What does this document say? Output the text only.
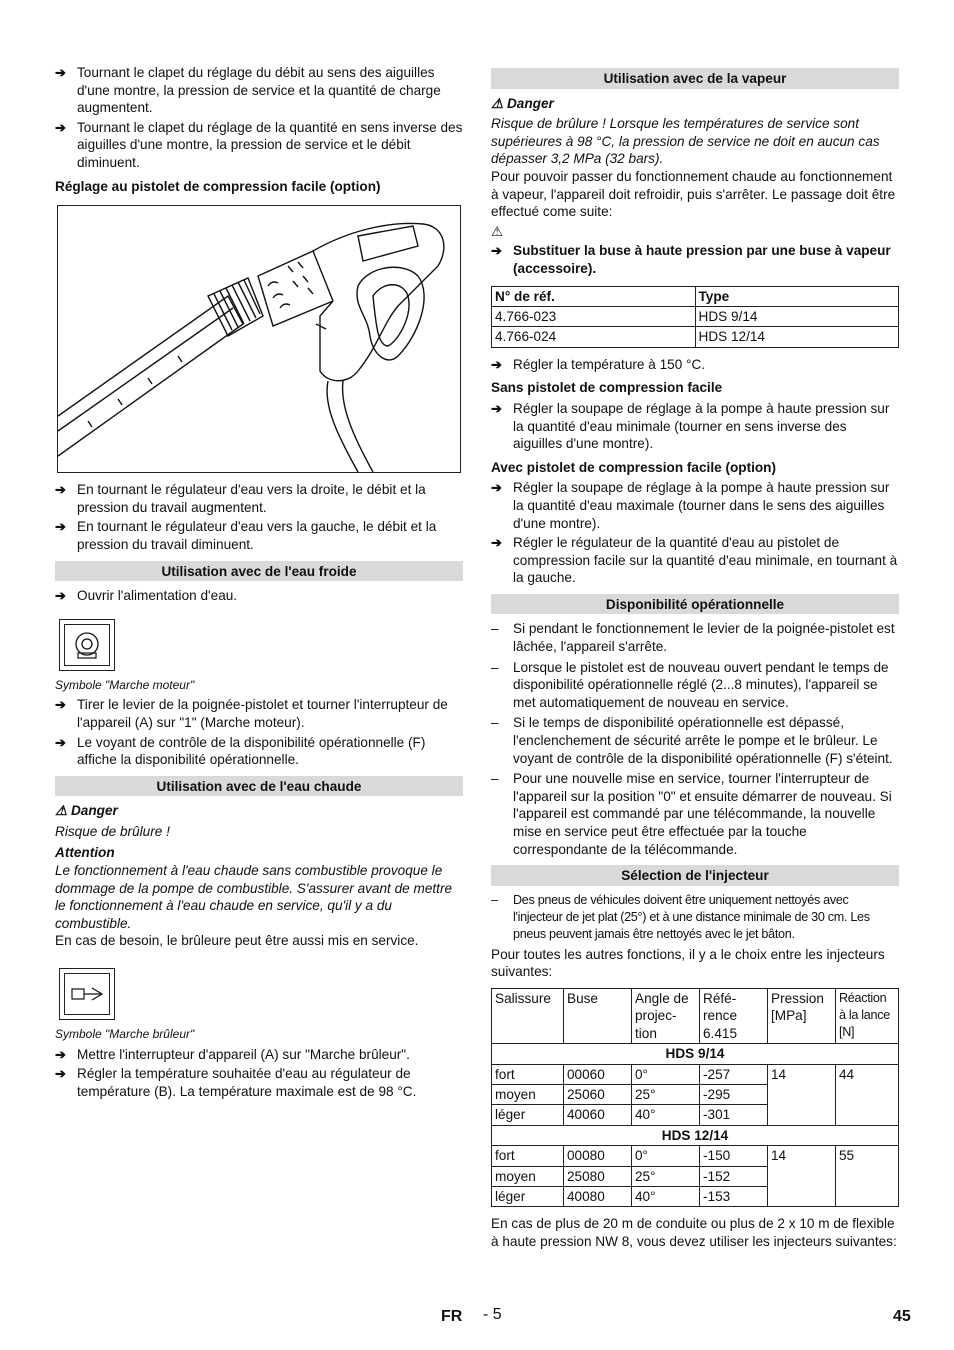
➔ Tournant le clapet du réglage du débit au sens des aiguilles d'une montre, la pression de service et la quantité de charge augmentent.

➔ Tournant le clapet du réglage de la quantité en sens inverse des aiguilles d'une montre, la pression de service et le débit diminuent.

Réglage au pistolet de compression facile (option)

➔ En tournant le régulateur d'eau vers la droite, le débit et la pression du travail augmentent.

➔ En tournant le régulateur d'eau vers la gauche, le débit et la pression du travail diminuent.

Utilisation avec de l'eau froide

➔ Ouvrir l'alimentation d'eau.

Symbole "Marche moteur"

➔ Tirer le levier de la poignée-pistolet et tourner l'interrupteur de l'appareil (A) sur "1" (Marche moteur).

➔ Le voyant de contrôle de la disponibilité opérationnelle (F) affiche la disponibilité opérationnelle.

Utilisation avec de l'eau chaude

⚠ Danger

Risque de brûlure !

Attention

Le fonctionnement à l'eau chaude sans combustible provoque le dommage de la pompe de combustible. S'assurer avant de mettre le fonctionnement à l'eau chaude en service, qu'il y a du combustible.

En cas de besoin, le brûleure peut être aussi mis en service.

Symbole "Marche brûleur"

➔ Mettre l'interrupteur d'appareil (A) sur "Marche brûleur".

➔ Régler la température souhaitée d'eau au régulateur de température (B). La température maximale est de 98 °C.

Utilisation avec de la vapeur

⚠ Danger

Risque de brûlure ! Lorsque les températures de service sont supérieures à 98 °C, la pression de service ne doit en aucun cas dépasser 3,2 MPa (32 bars).

Pour pouvoir passer du fonctionnement chaude au fonctionnement à vapeur, l'appareil doit refroidir, puis s'arrêter. Le passage doit être effectué come suite:

⚠

➔ Substituer la buse à haute pression par une buse à vapeur (accessoire).

N° de réf.	Type
4.766-023	HDS 9/14
4.766-024	HDS 12/14

➔ Régler la température à 150 °C.

Sans pistolet de compression facile

➔ Régler la soupape de réglage à la pompe à haute pression sur la quantité d'eau minimale (tourner en sens inverse des aiguilles d'une montre).

Avec pistolet de compression facile (option)

➔ Régler la soupape de réglage à la pompe à haute pression sur la quantité d'eau maximale (tourner dans le sens des aiguilles d'une montre).

➔ Régler le régulateur de la quantité d'eau au pistolet de compression facile sur la quantité d'eau minimale, en tournant à la gauche.

Disponibilité opérationnelle

– Si pendant le fonctionnement le levier de la poignée-pistolet est lâchée, l'appareil s'arrête.

– Lorsque le pistolet est de nouveau ouvert pendant le temps de disponibilité opérationnelle réglé (2...8 minutes), l'appareil se met automatiquement de nouveau en service.

– Si le temps de disponibilité opérationnelle est dépassé, l'enclenchement de sécurité arrête le pompe et le brûleur. Le voyant de contrôle de la disponibilité opérationnelle (F) s'éteint.

– Pour une nouvelle mise en service, tourner l'interrupteur de l'appareil sur la position "0" et ensuite démarrer de nouveau. Si l'appareil est commandé par une télécommande, la nouvelle mise en service peut être effectuée par la touche correspondante de la télécommande.

Sélection de l'injecteur

– Des pneus de véhicules doivent être uniquement nettoyés avec l'injecteur de jet plat (25°) et à une distance minimale de 30 cm. Les pneus peuvent jamais être nettoyés avec le jet bâton.

Pour toutes les autres fonctions, il y a le choix entre les injecteurs suivantes:

Salissure	Buse	Angle de projec-tion	Réfé-rence 6.415	Pression [MPa]	Réaction à la lance [N]
HDS 9/14					
fort	00060	0°	-257	14	44
moyen	25060	25°	-295		
léger	40060	40°	-301		
HDS 12/14					
fort	00080	0°	-150	14	55
moyen	25080	25°	-152		
léger	40080	40°	-153		

En cas de plus de 20 m de conduite ou plus de 2 x 10 m de flexible à haute pression NW 8, vous devez utiliser les injecteurs suivantes:

FR - 5	45
